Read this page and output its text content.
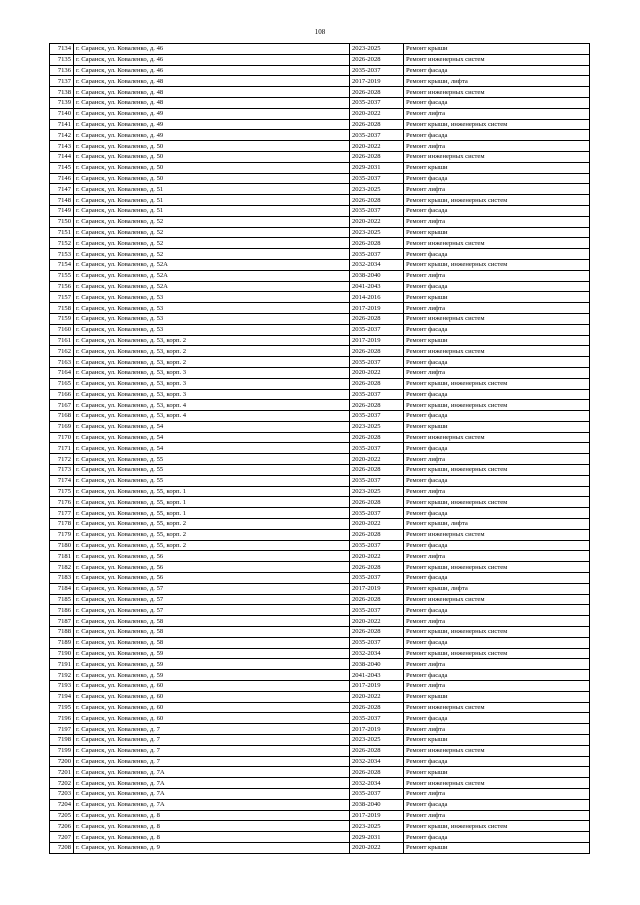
108
7134	г. Саранск, ул. Коваленко, д. 46	2023-2025	Ремонт крыши
7135	г. Саранск, ул. Коваленко, д. 46	2026-2028	Ремонт инженерных систем
7136	г. Саранск, ул. Коваленко, д. 46	2035-2037	Ремонт фасада
7137	г. Саранск, ул. Коваленко, д. 48	2017-2019	Ремонт крыши, лифта
7138	г. Саранск, ул. Коваленко, д. 48	2026-2028	Ремонт инженерных систем
7139	г. Саранск, ул. Коваленко, д. 48	2035-2037	Ремонт фасада
7140	г. Саранск, ул. Коваленко, д. 49	2020-2022	Ремонт лифта
7141	г. Саранск, ул. Коваленко, д. 49	2026-2028	Ремонт крыши, инженерных систем
7142	г. Саранск, ул. Коваленко, д. 49	2035-2037	Ремонт фасада
7143	г. Саранск, ул. Коваленко, д. 50	2020-2022	Ремонт лифта
7144	г. Саранск, ул. Коваленко, д. 50	2026-2028	Ремонт инженерных систем
7145	г. Саранск, ул. Коваленко, д. 50	2029-2031	Ремонт крыши
7146	г. Саранск, ул. Коваленко, д. 50	2035-2037	Ремонт фасада
7147	г. Саранск, ул. Коваленко, д. 51	2023-2025	Ремонт лифта
7148	г. Саранск, ул. Коваленко, д. 51	2026-2028	Ремонт крыши, инженерных систем
7149	г. Саранск, ул. Коваленко, д. 51	2035-2037	Ремонт фасада
7150	г. Саранск, ул. Коваленко, д. 52	2020-2022	Ремонт лифта
7151	г. Саранск, ул. Коваленко, д. 52	2023-2025	Ремонт крыши
7152	г. Саранск, ул. Коваленко, д. 52	2026-2028	Ремонт инженерных систем
7153	г. Саранск, ул. Коваленко, д. 52	2035-2037	Ремонт фасада
7154	г. Саранск, ул. Коваленко, д. 52А	2032-2034	Ремонт крыши, инженерных систем
7155	г. Саранск, ул. Коваленко, д. 52А	2038-2040	Ремонт лифта
7156	г. Саранск, ул. Коваленко, д. 52А	2041-2043	Ремонт фасада
7157	г. Саранск, ул. Коваленко, д. 53	2014-2016	Ремонт крыши
7158	г. Саранск, ул. Коваленко, д. 53	2017-2019	Ремонт лифта
7159	г. Саранск, ул. Коваленко, д. 53	2026-2028	Ремонт инженерных систем
7160	г. Саранск, ул. Коваленко, д. 53	2035-2037	Ремонт фасада
7161	г. Саранск, ул. Коваленко, д. 53, корп. 2	2017-2019	Ремонт крыши
7162	г. Саранск, ул. Коваленко, д. 53, корп. 2	2026-2028	Ремонт инженерных систем
7163	г. Саранск, ул. Коваленко, д. 53, корп. 2	2035-2037	Ремонт фасада
7164	г. Саранск, ул. Коваленко, д. 53, корп. 3	2020-2022	Ремонт лифта
7165	г. Саранск, ул. Коваленко, д. 53, корп. 3	2026-2028	Ремонт крыши, инженерных систем
7166	г. Саранск, ул. Коваленко, д. 53, корп. 3	2035-2037	Ремонт фасада
7167	г. Саранск, ул. Коваленко, д. 53, корп. 4	2026-2028	Ремонт крыши, инженерных систем
7168	г. Саранск, ул. Коваленко, д. 53, корп. 4	2035-2037	Ремонт фасада
7169	г. Саранск, ул. Коваленко, д. 54	2023-2025	Ремонт крыши
7170	г. Саранск, ул. Коваленко, д. 54	2026-2028	Ремонт инженерных систем
7171	г. Саранск, ул. Коваленко, д. 54	2035-2037	Ремонт фасада
7172	г. Саранск, ул. Коваленко, д. 55	2020-2022	Ремонт лифта
7173	г. Саранск, ул. Коваленко, д. 55	2026-2028	Ремонт крыши, инженерных систем
7174	г. Саранск, ул. Коваленко, д. 55	2035-2037	Ремонт фасада
7175	г. Саранск, ул. Коваленко, д. 55, корп. 1	2023-2025	Ремонт лифта
7176	г. Саранск, ул. Коваленко, д. 55, корп. 1	2026-2028	Ремонт крыши, инженерных систем
7177	г. Саранск, ул. Коваленко, д. 55, корп. 1	2035-2037	Ремонт фасада
7178	г. Саранск, ул. Коваленко, д. 55, корп. 2	2020-2022	Ремонт крыши, лифта
7179	г. Саранск, ул. Коваленко, д. 55, корп. 2	2026-2028	Ремонт инженерных систем
7180	г. Саранск, ул. Коваленко, д. 55, корп. 2	2035-2037	Ремонт фасада
7181	г. Саранск, ул. Коваленко, д. 56	2020-2022	Ремонт лифта
7182	г. Саранск, ул. Коваленко, д. 56	2026-2028	Ремонт крыши, инженерных систем
7183	г. Саранск, ул. Коваленко, д. 56	2035-2037	Ремонт фасада
7184	г. Саранск, ул. Коваленко, д. 57	2017-2019	Ремонт крыши, лифта
7185	г. Саранск, ул. Коваленко, д. 57	2026-2028	Ремонт инженерных систем
7186	г. Саранск, ул. Коваленко, д. 57	2035-2037	Ремонт фасада
7187	г. Саранск, ул. Коваленко, д. 58	2020-2022	Ремонт лифта
7188	г. Саранск, ул. Коваленко, д. 58	2026-2028	Ремонт крыши, инженерных систем
7189	г. Саранск, ул. Коваленко, д. 58	2035-2037	Ремонт фасада
7190	г. Саранск, ул. Коваленко, д. 59	2032-2034	Ремонт крыши, инженерных систем
7191	г. Саранск, ул. Коваленко, д. 59	2038-2040	Ремонт лифта
7192	г. Саранск, ул. Коваленко, д. 59	2041-2043	Ремонт фасада
7193	г. Саранск, ул. Коваленко, д. 60	2017-2019	Ремонт лифта
7194	г. Саранск, ул. Коваленко, д. 60	2020-2022	Ремонт крыши
7195	г. Саранск, ул. Коваленко, д. 60	2026-2028	Ремонт инженерных систем
7196	г. Саранск, ул. Коваленко, д. 60	2035-2037	Ремонт фасада
7197	г. Саранск, ул. Коваленко, д. 7	2017-2019	Ремонт лифта
7198	г. Саранск, ул. Коваленко, д. 7	2023-2025	Ремонт крыши
7199	г. Саранск, ул. Коваленко, д. 7	2026-2028	Ремонт инженерных систем
7200	г. Саранск, ул. Коваленко, д. 7	2032-2034	Ремонт фасада
7201	г. Саранск, ул. Коваленко, д. 7А	2026-2028	Ремонт крыши
7202	г. Саранск, ул. Коваленко, д. 7А	2032-2034	Ремонт инженерных систем
7203	г. Саранск, ул. Коваленко, д. 7А	2035-2037	Ремонт лифта
7204	г. Саранск, ул. Коваленко, д. 7А	2038-2040	Ремонт фасада
7205	г. Саранск, ул. Коваленко, д. 8	2017-2019	Ремонт лифта
7206	г. Саранск, ул. Коваленко, д. 8	2023-2025	Ремонт крыши, инженерных систем
7207	г. Саранск, ул. Коваленко, д. 8	2029-2031	Ремонт фасада
7208	г. Саранск, ул. Коваленко, д. 9	2020-2022	Ремонт крыши
